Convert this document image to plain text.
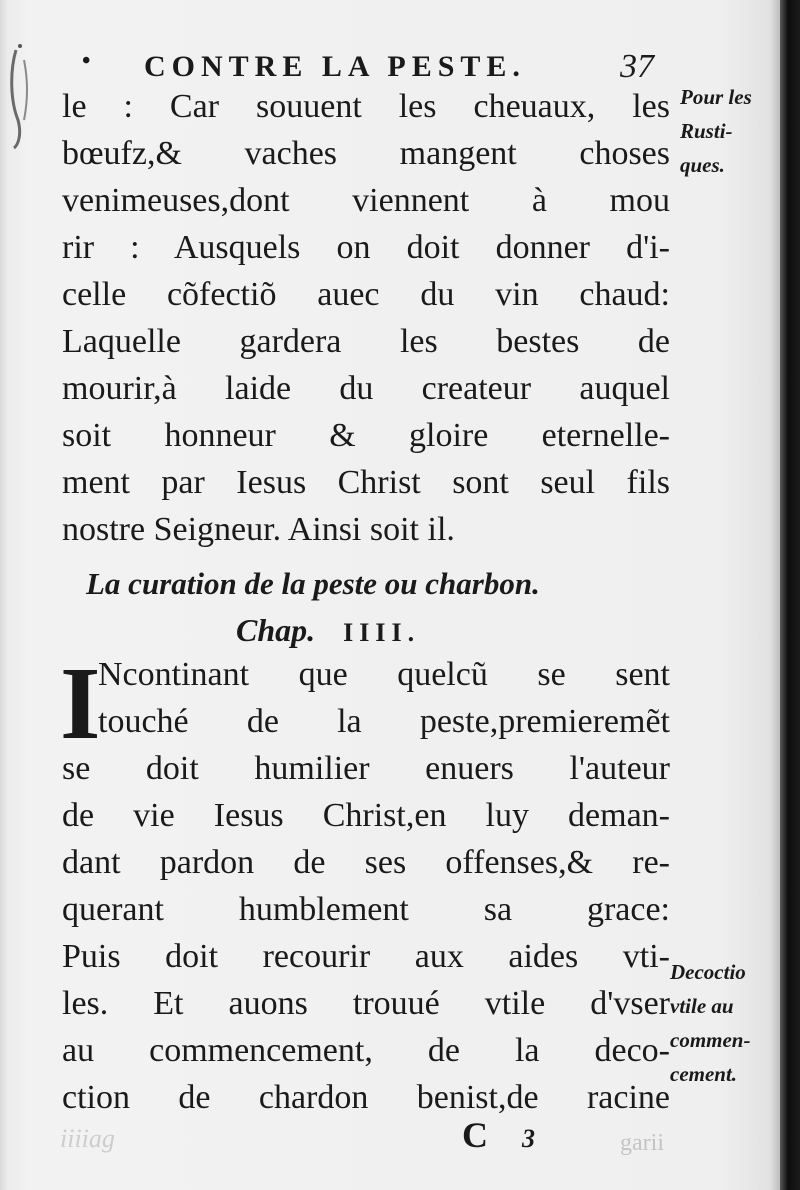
• CONTRE LA PESTE.	37
le : Car souuent les cheuaux, les
bœufz,& vaches mangent choses
venimeuses,dont viennent à mou
rir : Ausquels on doit donner d'i-
celle cõfectiõ auec du vin chaud:
Laquelle gardera les bestes de
mourir,à laide du createur auquel
soit honneur & gloire eternelle-
ment par Iesus Christ sont seul fils
nostre Seigneur. Ainsi soit il.
La curation de la peste ou charbon.
Chap. IIII.
I
Ncontinant que quelcũ se sent
touché de la peste,premieremẽt
se doit humilier enuers l'auteur
de vie Iesus Christ,en luy deman-
dant pardon de ses offenses,& re-
querant humblement sa grace:
Puis doit recourir aux aides vti-
les. Et auons trouué vtile d'vser
au commencement, de la deco-
ction de chardon benist,de racine
Pour les
Rusti-
ques.
Decoctio
vtile au
commen-
cement.
iiiiag	garii
C 3
